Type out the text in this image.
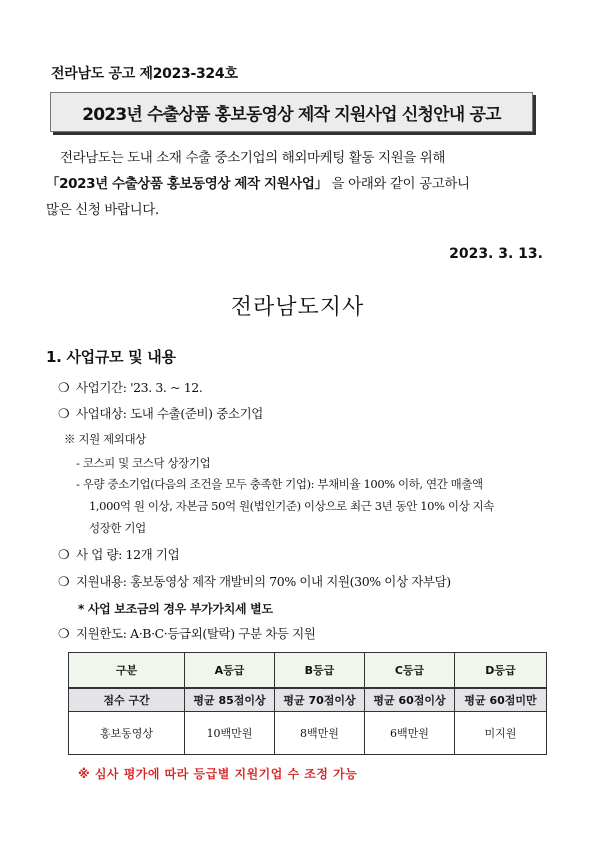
전라남도 공고 제2023-324호
2023년 수출상품 홍보동영상 제작 지원사업 신청안내 공고
전라남도는 도내 소재 수출 중소기업의 해외마케팅 활동 지원을 위해
「2023년 수출상품 홍보동영상 제작 지원사업」 을 아래와 같이 공고하니
많은 신청 바랍니다.
2023. 3. 13.
전라남도지사
1. 사업규모 및 내용
❍ 사업기간: '23. 3. ~ 12.
❍ 사업대상: 도내 수출(준비) 중소기업
※ 지원 제외대상
- 코스피 및 코스닥 상장기업
- 우량 중소기업(다음의 조건을 모두 충족한 기업): 부채비율 100% 이하, 연간 매출액
1,000억 원 이상, 자본금 50억 원(법인기준) 이상으로 최근 3년 동안 10% 이상 지속
성장한 기업
❍ 사 업 량: 12개 기업
❍ 지원내용: 홍보동영상 제작 개발비의 70% 이내 지원(30% 이상 자부담)
* 사업 보조금의 경우 부가가치세 별도
❍ 지원한도: A·B·C·등급외(탈락) 구분 차등 지원
구분	A등급	B등급	C등급	D등급
점수 구간	평균 85점이상	평균 70점이상	평균 60점이상	평균 60점미만
홍보동영상	10백만원	8백만원	6백만원	미지원
※ 심사 평가에 따라 등급별 지원기업 수 조정 가능
